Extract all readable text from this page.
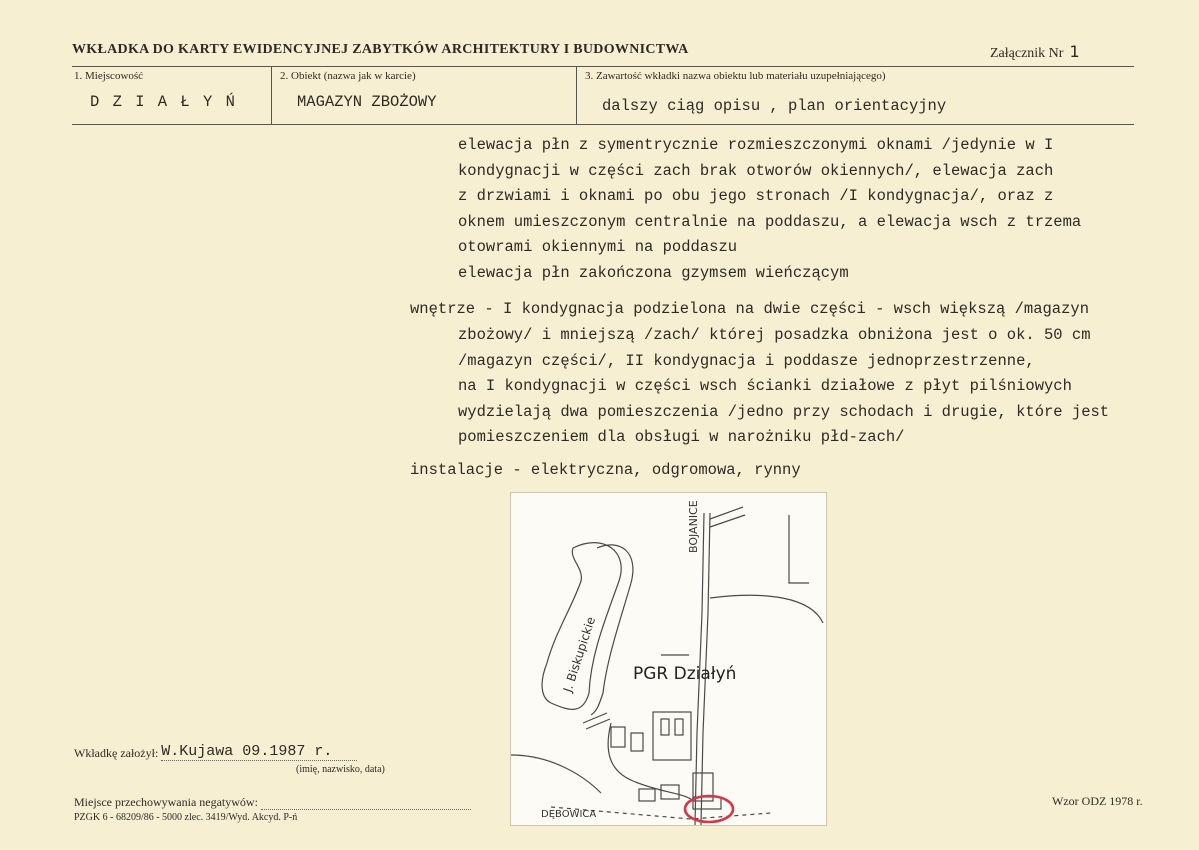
WKŁADKA DO KARTY EWIDENCYJNEJ ZABYTKÓW ARCHITEKTURY I BUDOWNICTWA	Załącznik Nr 1
1. Miejscowość
D Z I A Ł Y Ń
2. Obiekt (nazwa jak w karcie)
MAGAZYN ZBOŻOWY
3. Zawartość wkładki nazwa obiektu lub materiału uzupełniającego)
dalszy ciąg opisu , plan orientacyjny
elewacja płn z symentrycznie rozmieszczonymi oknami /jedynie w I
kondygnacji w części zach brak otworów okiennych/, elewacja zach
z drzwiami i oknami po obu jego stronach /I kondygnacja/, oraz z
oknem umieszczonym centralnie na poddaszu, a elewacja wsch z trzema
otowrami okiennymi na poddaszu
elewacja płn zakończona gzymsem wieńczącym
wnętrze - I kondygnacja podzielona na dwie części - wsch większą /magazyn
zbożowy/ i mniejszą /zach/ której posadzka obniżona jest o ok. 50 cm
/magazyn części/, II kondygnacja i poddasze jednoprzestrzenne,
na I kondygnacji w części wsch ścianki działowe z płyt pilśniowych
wydzielają dwa pomieszczenia /jedno przy schodach i drugie, które jest
pomieszczeniem dla obsługi w narożniku płd-zach/
instalacje - elektryczna, odgromowa, rynny
BOJANICE
J. Biskupickie PGR Działyń
DĘBOWICA
Wkładkę założył: W.Kujawa 09.1987 r.
(imię, nazwisko, data)
Miejsce przechowywania negatywów:
PZGK 6 - 68209/86 - 5000 zlec. 3419/Wyd. Akcyd. P-ń
Wzor ODZ 1978 r.
